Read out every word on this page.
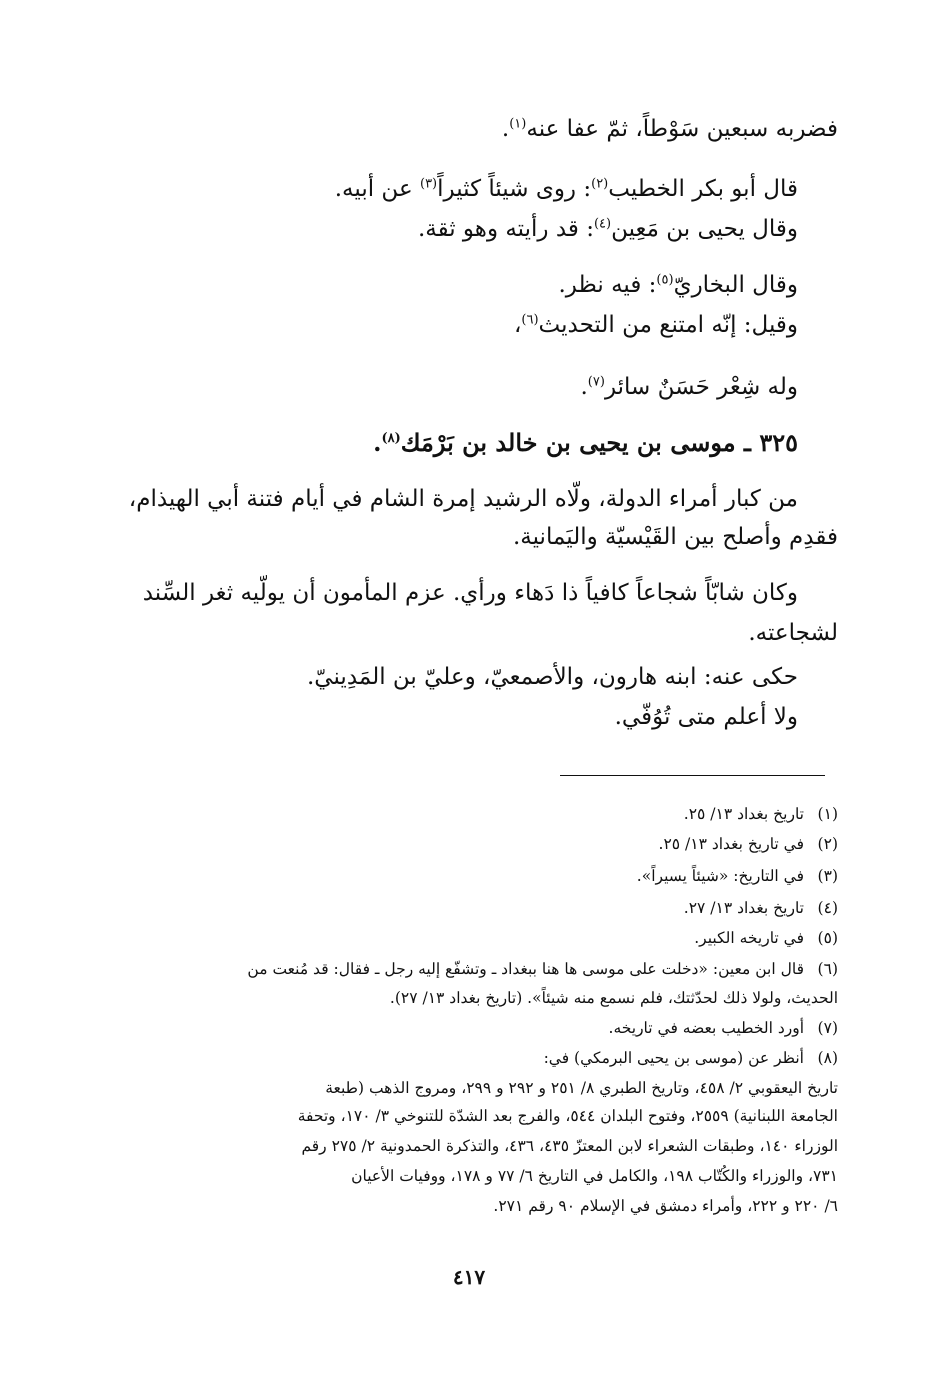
فضربه سبعين سَوْطاً، ثمّ عفا عنه$^{(١)}$.
قال أبو بكر الخطيب$^{(٢)}$: روى شيئاً كثيراً$^{(٣)}$ عن أبيه.
وقال يحيى بن مَعِين$^{(٤)}$: قد رأيته وهو ثقة.
وقال البخاريّ$^{(٥)}$: فيه نظر.
وقيل: إنّه امتنع من التحديث$^{(٦)}$،
وله شِعْر حَسَنٌ سائر$^{(٧)}$.
٣٢٥ ـ موسى بن يحيى بن خالد بن بَرْمَك$^{(٨)}$.
من كبار أمراء الدولة، ولّاه الرشيد إمرة الشام في أيام فتنة أبي الهيذام،
فقدِم وأصلح بين القَيْسيّة واليَمانية.
وكان شابّاً شجاعاً كافياً ذا دَهاء ورأي. عزم المأمون أن يولّيه ثغر السِّند
لشجاعته.
حكى عنه: ابنه هارون، والأصمعيّ، وعليّ بن المَدِينيّ.
ولا أعلم متى تُوُفّي.
(١)تاريخ بغداد ١٣/ ٢٥.
(٢)في تاريخ بغداد ١٣/ ٢٥.
(٣)في التاريخ: «شيئاً يسيراً».
(٤)تاريخ بغداد ١٣/ ٢٧.
(٥)في تاريخه الكبير.
(٦)قال ابن معين: «دخلت على موسى ها هنا ببغداد ـ وتشفّع إليه رجل ـ فقال: قد مُنعت من
الحديث، ولولا ذلك لحدّثتك، فلم نسمع منه شيئاً». (تاريخ بغداد ١٣/ ٢٧).
(٧)أورد الخطيب بعضه في تاريخه.
(٨)أنظر عن (موسى بن يحيى البرمكي) في:
تاريخ اليعقوبي ٢/ ٤٥٨، وتاريخ الطبري ٨/ ٢٥١ و ٢٩٢ و ٢٩٩، ومروج الذهب (طبعة
الجامعة اللبنانية) ٢٥٥٩، وفتوح البلدان ٥٤٤، والفرج بعد الشدّة للتنوخي ٣/ ١٧٠، وتحفة
الوزراء ١٤٠، وطبقات الشعراء لابن المعتزّ ٤٣٥، ٤٣٦، والتذكرة الحمدونية ٢/ ٢٧٥ رقم
٧٣١، والوزراء والكُتّاب ١٩٨، والكامل في التاريخ ٦/ ٧٧ و ١٧٨، ووفيات الأعيان
٦/ ٢٢٠ و ٢٢٢، وأمراء دمشق في الإسلام ٩٠ رقم ٢٧١.
٤١٧
